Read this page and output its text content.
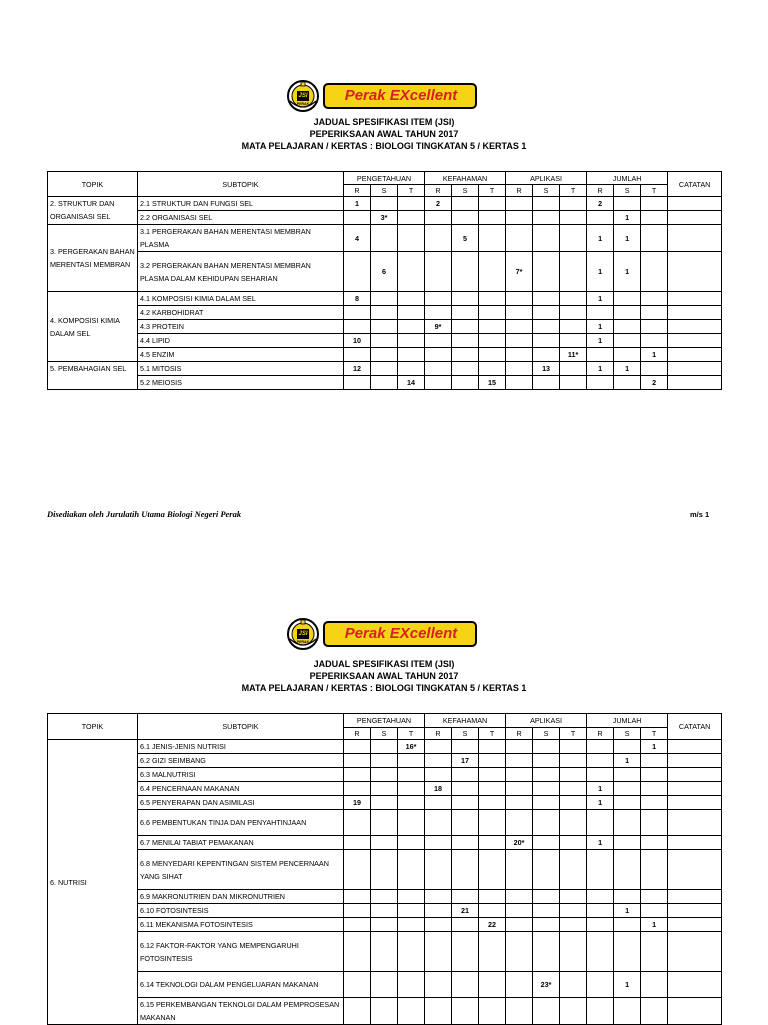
JSI
PERAK	Perak EXcellent
JADUAL SPESIFIKASI ITEM (JSI)
PEPERIKSAAN AWAL TAHUN 2017
MATA PELAJARAN / KERTAS : BIOLOGI TINGKATAN 5 / KERTAS 1
TOPIK	SUBTOPIK	PENGETAHUAN			KEFAHAMAN			APLIKASI			JUMLAH			CATATAN
		R	S	T	R	S	T	R	S	T	R	S	T	
2. STRUKTUR DAN ORGANISASI SEL	2.1 STRUKTUR DAN FUNGSI SEL	1			2						2			
	2.2 ORGANISASI SEL		3*									1		
3. PERGERAKAN BAHAN MERENTASI MEMBRAN	3.1 PERGERAKAN BAHAN MERENTASI MEMBRAN PLASMA	4				5					1	1		
	3.2 PERGERAKAN BAHAN MERENTASI MEMBRAN PLASMA DALAM KEHIDUPAN SEHARIAN		6					7*			1	1		
4. KOMPOSISI KIMIA DALAM SEL	4.1 KOMPOSISI KIMIA DALAM SEL	8									1			
	4.2 KARBOHIDRAT													
	4.3 PROTEIN				9*						1			
	4.4 LIPID	10									1			
	4.5 ENZIM									11*			1	
5. PEMBAHAGIAN SEL	5.1 MITOSIS	12							13		1	1		
	5.2 MEIOSIS			14			15						2	
Disediakan oleh Jurulatih Utama Biologi Negeri Perak	m/s 1
JSI
PERAK	Perak EXcellent
JADUAL SPESIFIKASI ITEM (JSI)
PEPERIKSAAN AWAL TAHUN 2017
MATA PELAJARAN / KERTAS : BIOLOGI TINGKATAN 5 / KERTAS 1
TOPIK	SUBTOPIK	PENGETAHUAN			KEFAHAMAN			APLIKASI			JUMLAH			CATATAN
		R	S	T	R	S	T	R	S	T	R	S	T	
6. NUTRISI	6.1 JENIS-JENIS NUTRISI			16*									1	
	6.2 GIZI SEIMBANG					17						1		
	6.3 MALNUTRISI													
	6.4 PENCERNAAN MAKANAN				18						1			
	6.5 PENYERAPAN DAN ASIMILASI	19									1			
	6.6 PEMBENTUKAN TINJA DAN PENYAHTINJAAN													
	6.7 MENILAI TABIAT PEMAKANAN							20*			1			
	6.8 MENYEDARI KEPENTINGAN SISTEM PENCERNAAN YANG SIHAT													
	6.9 MAKRONUTRIEN DAN MIKRONUTRIEN													
	6.10 FOTOSINTESIS					21						1		
	6.11 MEKANISMA FOTOSINTESIS						22						1	
	6.12 FAKTOR-FAKTOR YANG MEMPENGARUHI FOTOSINTESIS													
	6.14 TEKNOLOGI DALAM PENGELUARAN MAKANAN								23*			1		
	6.15 PERKEMBANGAN TEKNOLGI DALAM PEMPROSESAN MAKANAN													
